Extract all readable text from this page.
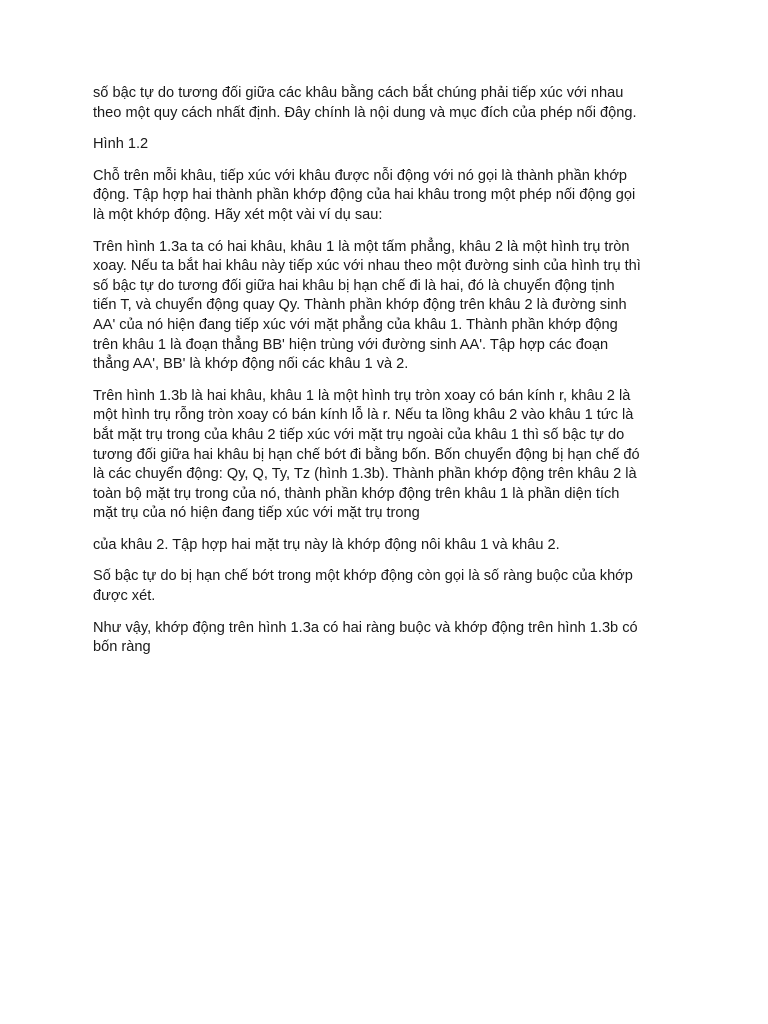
số bậc tự do tương đối giữa các khâu bằng cách bắt chúng phải tiếp xúc với nhau
theo một quy cách nhất định. Đây chính là nội dung và mục đích của phép nối động.

Hình 1.2

Chỗ trên mỗi khâu, tiếp xúc với khâu được nỗi động với nó gọi là thành phần khớp
động. Tập hợp hai thành phần khớp động của hai khâu trong một phép nối động gọi
là một khớp động. Hãy xét một vài ví dụ sau:

Trên hình 1.3a ta có hai khâu, khâu 1 là một tấm phẳng, khâu 2 là một hình trụ tròn
xoay. Nếu ta bắt hai khâu này tiếp xúc với nhau theo một đường sinh của hình trụ thì
số bậc tự do tương đối giữa hai khâu bị hạn chế đi là hai, đó là chuyển động tịnh
tiến T, và chuyển động quay Qy. Thành phần khớp động trên khâu 2 là đường sinh
AA' của nó hiện đang tiếp xúc với mặt phẳng của khâu 1. Thành phần khớp động
trên khâu 1 là đoạn thẳng BB' hiện trùng với đường sinh AA'. Tập hợp các đoạn
thẳng AA', BB' là khớp động nối các khâu 1 và 2.

Trên hình 1.3b là hai khâu, khâu 1 là một hình trụ tròn xoay có bán kính r, khâu 2 là
một hình trụ rỗng tròn xoay có bán kính lỗ là r. Nếu ta lồng khâu 2 vào khâu 1 tức là
bắt mặt trụ trong của khâu 2 tiếp xúc với mặt trụ ngoài của khâu 1 thì số bậc tự do
tương đối giữa hai khâu bị hạn chế bớt đi bằng bốn. Bốn chuyển động bị hạn chế đó
là các chuyển động: Qy, Q, Ty, Tz (hình 1.3b). Thành phần khớp động trên khâu 2 là
toàn bộ mặt trụ trong của nó, thành phần khớp động trên khâu 1 là phần diện tích
mặt trụ của nó hiện đang tiếp xúc với mặt trụ trong

của khâu 2. Tập hợp hai mặt trụ này là khớp động nôi khâu 1 và khâu 2.

Số bậc tự do bị hạn chế bớt trong một khớp động còn gọi là số ràng buộc của khớp
được xét.

Như vậy, khớp động trên hình 1.3a có hai ràng buộc và khớp động trên hình 1.3b có
bốn ràng
